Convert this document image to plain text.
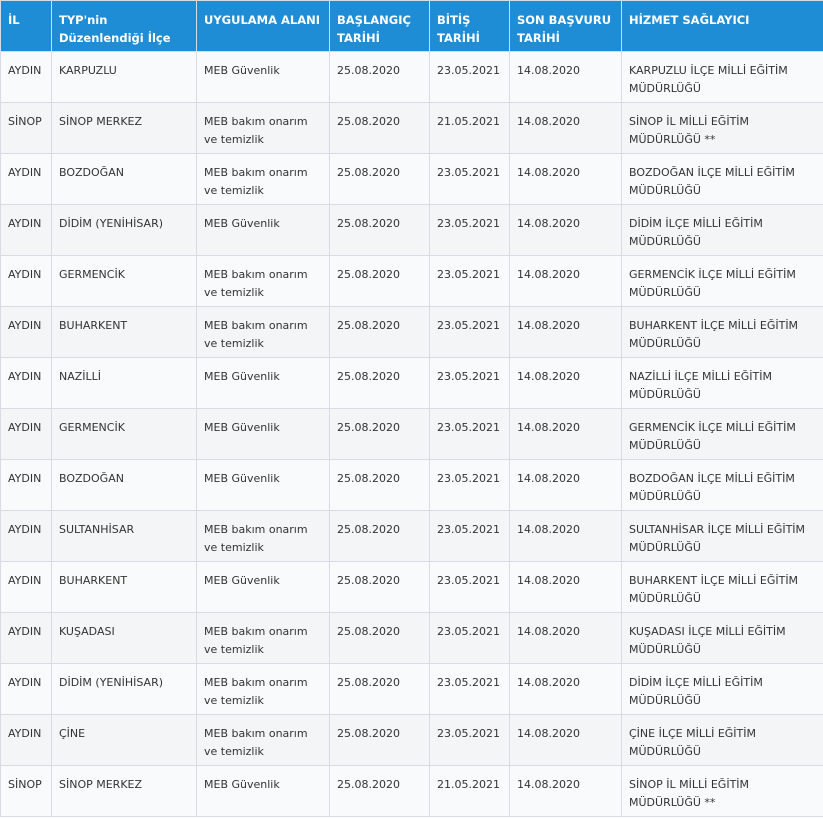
İL	TYP'nin Düzenlendiği İlçe	UYGULAMA ALANI	BAŞLANGIÇ TARİHİ	BİTİŞ TARİHİ	SON BAŞVURU TARİHİ	HİZMET SAĞLAYICI
AYDIN	KARPUZLU	MEB Güvenlik	25.08.2020	23.05.2021	14.08.2020	KARPUZLU İLÇE MİLLİ EĞİTİM MÜDÜRLÜĞÜ
SİNOP	SİNOP MERKEZ	MEB bakım onarım ve temizlik	25.08.2020	21.05.2021	14.08.2020	SİNOP İL MİLLİ EĞİTİM MÜDÜRLÜĞÜ **
AYDIN	BOZDOĞAN	MEB bakım onarım ve temizlik	25.08.2020	23.05.2021	14.08.2020	BOZDOĞAN İLÇE MİLLİ EĞİTİM MÜDÜRLÜĞÜ
AYDIN	DİDİM (YENİHİSAR)	MEB Güvenlik	25.08.2020	23.05.2021	14.08.2020	DİDİM İLÇE MİLLİ EĞİTİM MÜDÜRLÜĞÜ
AYDIN	GERMENCİK	MEB bakım onarım ve temizlik	25.08.2020	23.05.2021	14.08.2020	GERMENCİK İLÇE MİLLİ EĞİTİM MÜDÜRLÜĞÜ
AYDIN	BUHARKENT	MEB bakım onarım ve temizlik	25.08.2020	23.05.2021	14.08.2020	BUHARKENT İLÇE MİLLİ EĞİTİM MÜDÜRLÜĞÜ
AYDIN	NAZİLLİ	MEB Güvenlik	25.08.2020	23.05.2021	14.08.2020	NAZİLLİ İLÇE MİLLİ EĞİTİM MÜDÜRLÜĞÜ
AYDIN	GERMENCİK	MEB Güvenlik	25.08.2020	23.05.2021	14.08.2020	GERMENCİK İLÇE MİLLİ EĞİTİM MÜDÜRLÜĞÜ
AYDIN	BOZDOĞAN	MEB Güvenlik	25.08.2020	23.05.2021	14.08.2020	BOZDOĞAN İLÇE MİLLİ EĞİTİM MÜDÜRLÜĞÜ
AYDIN	SULTANHİSAR	MEB bakım onarım ve temizlik	25.08.2020	23.05.2021	14.08.2020	SULTANHİSAR İLÇE MİLLİ EĞİTİM MÜDÜRLÜĞÜ
AYDIN	BUHARKENT	MEB Güvenlik	25.08.2020	23.05.2021	14.08.2020	BUHARKENT İLÇE MİLLİ EĞİTİM MÜDÜRLÜĞÜ
AYDIN	KUŞADASI	MEB bakım onarım ve temizlik	25.08.2020	23.05.2021	14.08.2020	KUŞADASI İLÇE MİLLİ EĞİTİM MÜDÜRLÜĞÜ
AYDIN	DİDİM (YENİHİSAR)	MEB bakım onarım ve temizlik	25.08.2020	23.05.2021	14.08.2020	DİDİM İLÇE MİLLİ EĞİTİM MÜDÜRLÜĞÜ
AYDIN	ÇİNE	MEB bakım onarım ve temizlik	25.08.2020	23.05.2021	14.08.2020	ÇİNE İLÇE MİLLİ EĞİTİM MÜDÜRLÜĞÜ
SİNOP	SİNOP MERKEZ	MEB Güvenlik	25.08.2020	21.05.2021	14.08.2020	SİNOP İL MİLLİ EĞİTİM MÜDÜRLÜĞÜ **
